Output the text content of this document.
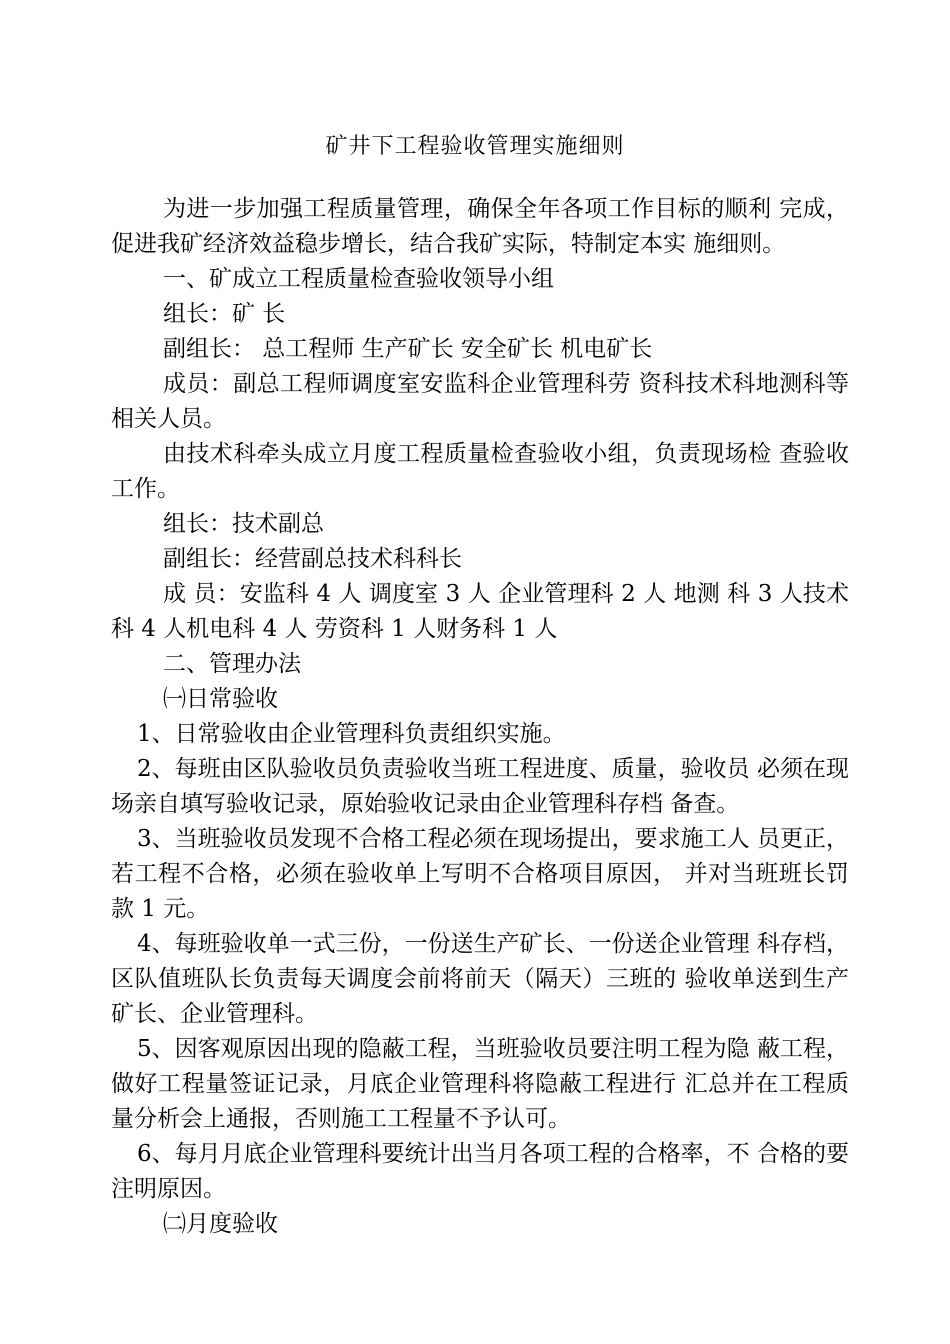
矿井下工程验收管理实施细则

为进一步加强工程质量管理，确保全年各项工作目标的顺利 完成，促进我矿经济效益稳步增长，结合我矿实际，特制定本实 施细则。

一、矿成立工程质量检查验收领导小组

组长：矿 长

副组长： 总工程师 生产矿长 安全矿长 机电矿长

成员：副总工程师调度室安监科企业管理科劳 资科技术科地测科等相关人员。

由技术科牵头成立月度工程质量检查验收小组，负责现场检 查验收工作。

组长：技术副总

副组长：经营副总技术科科长

成 员：安监科 4 人 调度室 3 人 企业管理科 2 人 地测 科 3 人技术科 4 人机电科 4 人 劳资科 1 人财务科 1 人

二、管理办法

㈠日常验收

1、日常验收由企业管理科负责组织实施。

2、每班由区队验收员负责验收当班工程进度、质量，验收员 必须在现场亲自填写验收记录，原始验收记录由企业管理科存档 备查。

3、当班验收员发现不合格工程必须在现场提出，要求施工人 员更正，若工程不合格，必须在验收单上写明不合格项目原因， 并对当班班长罚款 1 元。

4、每班验收单一式三份，一份送生产矿长、一份送企业管理 科存档，区队值班队长负责每天调度会前将前天（隔天）三班的 验收单送到生产矿长、企业管理科。

5、因客观原因出现的隐蔽工程，当班验收员要注明工程为隐 蔽工程，做好工程量签证记录，月底企业管理科将隐蔽工程进行 汇总并在工程质量分析会上通报，否则施工工程量不予认可。

6、每月月底企业管理科要统计出当月各项工程的合格率，不 合格的要注明原因。

㈡月度验收
